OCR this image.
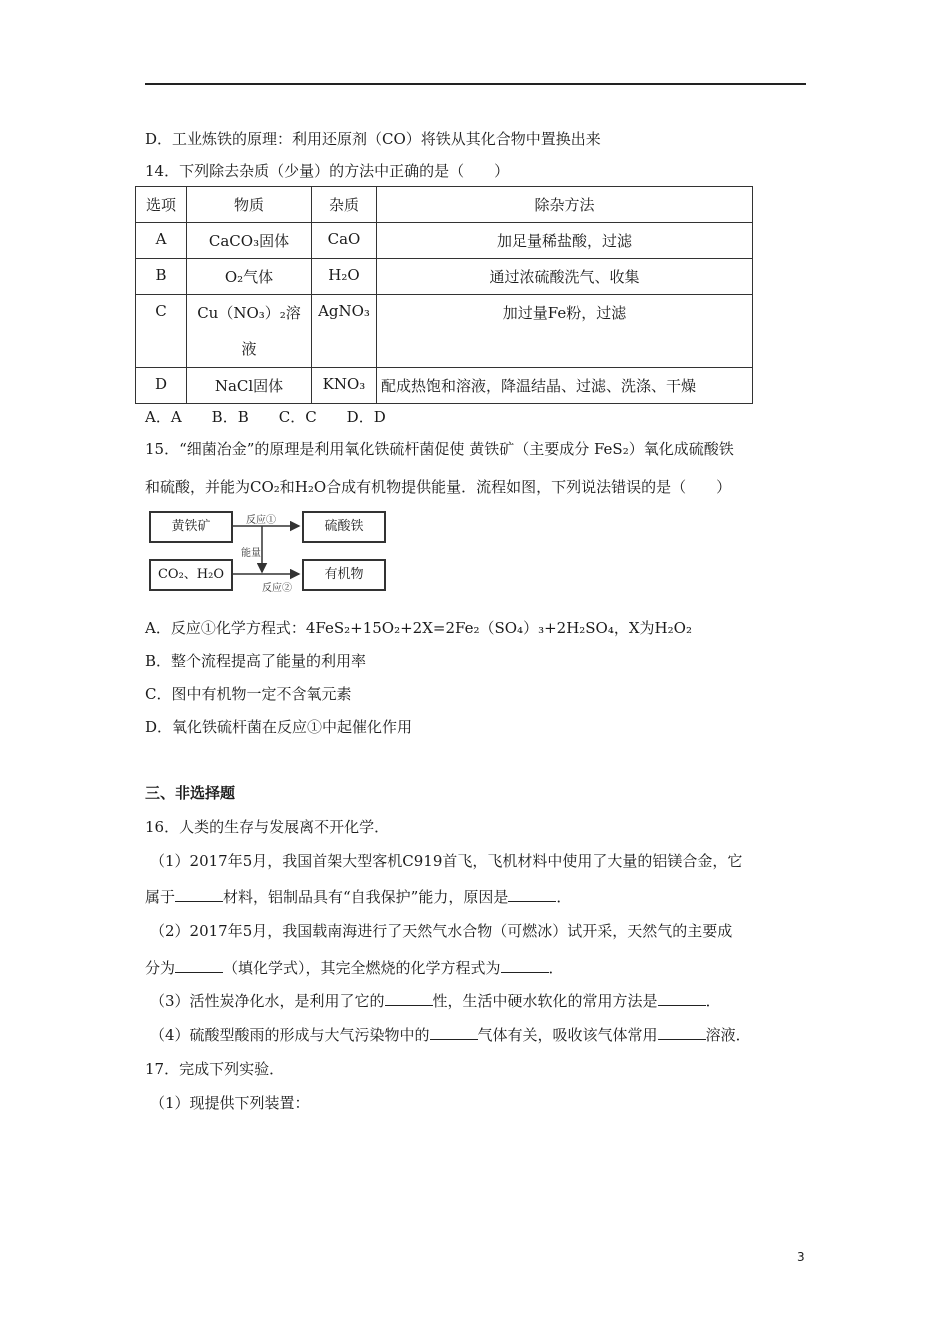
D．工业炼铁的原理：利用还原剂（CO）将铁从其化合物中置换出来
14．下列除去杂质（少量）的方法中正确的是（　　）
选项	物质	杂质	除杂方法
A	CaCO₃固体	CaO	加足量稀盐酸，过滤
B	O₂气体	H₂O	通过浓硫酸洗气、收集
C	Cu（NO₃）₂溶液	AgNO₃	加过量Fe粉，过滤
D	NaCl固体	KNO₃	配成热饱和溶液，降温结晶、过滤、洗涤、干燥
A．A　　B．B　　C．C　　D．D
15．“细菌冶金”的原理是利用氧化铁硫杆菌促使 黄铁矿（主要成分 FeS₂）氧化成硫酸铁
和硫酸，并能为CO₂和H₂O合成有机物提供能量．流程如图，下列说法错误的是（　　）
黄铁矿	硫酸铁
CO₂、H₂O	有机物
反应①
能量
反应②
A．反应①化学方程式：4FeS₂+15O₂+2X=2Fe₂（SO₄）₃+2H₂SO₄，X为H₂O₂
B．整个流程提高了能量的利用率
C．图中有机物一定不含氧元素
D．氧化铁硫杆菌在反应①中起催化作用
三、非选择题
16．人类的生存与发展离不开化学．
（1）2017年5月，我国首架大型客机C919首飞，飞机材料中使用了大量的铝镁合金，它
属于	材料，铝制品具有“自我保护”能力，原因是	．
（2）2017年5月，我国载南海进行了天然气水合物（可燃冰）试开采，天然气的主要成
分为	（填化学式），其完全燃烧的化学方程式为	．
（3）活性炭净化水，是利用了它的	性，生活中硬水软化的常用方法是	．
（4）硫酸型酸雨的形成与大气污染物中的	气体有关，吸收该气体常用	溶液．
17．完成下列实验．
（1）现提供下列装置：
3
